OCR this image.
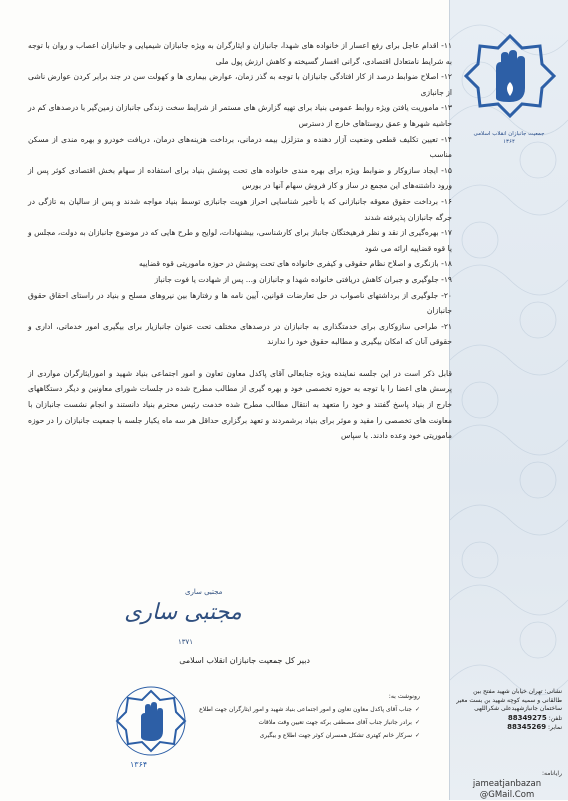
جمعیت جانبازان انقلاب اسلامی
۱۳۶۴
نشانی: تهران خیابان شهید مفتح بین طالقانی و سمیه کوچه شهید بن بست معیر ساختمان جانبازشهیدعلی شکراللهی
تلفن: 88349275
نمابر: 88345269
رایانامه:
jameatjanbazan
@GMail.Com

۱۱- اقدام عاجل برای رفع اعسار از خانواده های شهدا، جانبازان و ایثارگران به ویژه جانبازان شیمیایی و جانبازان اعصاب و روان با توجه به شرایط نامتعادل اقتصادی، گرانی افسار گسیخته و کاهش ارزش پول ملی

۱۲- اصلاح ضوابط درصد از کار افتادگی جانبازان با توجه به گذر زمان، عوارض بیماری ها و کهولت سن در جند برابر کردن عوارض ناشی از جانبازی

۱۳- ماموریت یافتن ویژه روابط عمومی بنیاد برای تهیه گزارش های مستمر از شرایط سخت زندگی جانبازان زمین‌گیر با درصدهای کم در حاشیه شهرها و عمق روستاهای خارج از دسترس

۱۴- تعیین تکلیف قطعی وضعیت آزار دهنده و متزلزل بیمه درمانی، برداخت هزینه‌های درمان، دریافت خودرو و بهره مندی از مسکن مناسب

۱۵- ایجاد سازوکار و ضوابط ویژه برای بهره مندی خانواده های تحت پوشش بنیاد برای استفاده از سهام بخش اقتصادی کوثر پس از ورود داشتنه‌های این مجمع در ساز و کار فروش سهام آنها در بورس

۱۶- برداخت حقوق معوقه جانبازانی که با تأخیر شناسایی احراز هویت جانبازی توسط بنیاد مواجه شدند و پس از سالیان به تازگی در جرگه جانبازان پذیرفته شدند

۱۷- بهره‌گیری از نقد و نظر فرهیختگان جانباز برای کارشناسی، بیشنهادات، لوایح و طرح هایی که در موضوع جانبازان به دولت، مجلس و یا قوه قضاییه ارائه می شود

۱۸- بازنگری و اصلاح نظام حقوقی و کیفری خانواده های تحت پوشش در حوزه ماموریتی قوه قضاییه

۱۹- جلوگیری و جبران کاهش دریافتی خانواده شهدا و جانبازان و... پس از شهادت یا فوت جانباز

۲۰- جلوگیری از برداشتهای ناصواب در حل تعارضات قوانین، آیین نامه ها و رفتارها بین نیروهای مسلح و بنیاد در راستای احقاق حقوق جانبازان

۲۱- طراحی سازوکاری برای خدمتگذاری به جانبازان در درصدهای مختلف تحت عنوان جانبازیار برای بیگیری امور خدماتی، اداری و حقوقی آنان که امکان بیگیری و مطالبه حقوق خود را ندارند

قابل ذکر است در این جلسه نماینده ویژه جنابعالی آقای پاکدل معاون تعاون و امور اجتماعی بنیاد شهید و امورایثارگران مواردی از پرسش های اعضا را با توجه به حوزه تخصصی خود و بهره گیری از مطالب مطرح شده در جلسات شورای معاونین و دیگر دستگاههای خارج از بنیاد پاسخ گفتند و خود را متعهد به انتقال مطالب مطرح شده خدمت رئیس محترم بنیاد دانستند و انجام نشست جانبازان با معاونت های تخصصی را مفید و موثر برای بنیاد برشمردند و تعهد برگزاری حداقل هر سه ماه یکبار جلسه با جمعیت جانبازان را در حوزه ماموریتی خود وعده دادند. با سپاس

مجتبی ساری
مجتبی ساری
۱۳۷۱
دبیر کل جمعیت جانبازان انقلاب اسلامی
۱۳۶۴
رونوشت به:
✓جناب آقای پاکدل معاون تعاون و امور اجتماعی بنیاد شهید و امور ایثارگران جهت اطلاع
✓برادر جانباز جناب آقای مصطفی برکه جهت تعیین وقت ملاقات
✓سرکار خانم کهتری تشکل همسران کوثر جهت اطلاع و بیگیری
